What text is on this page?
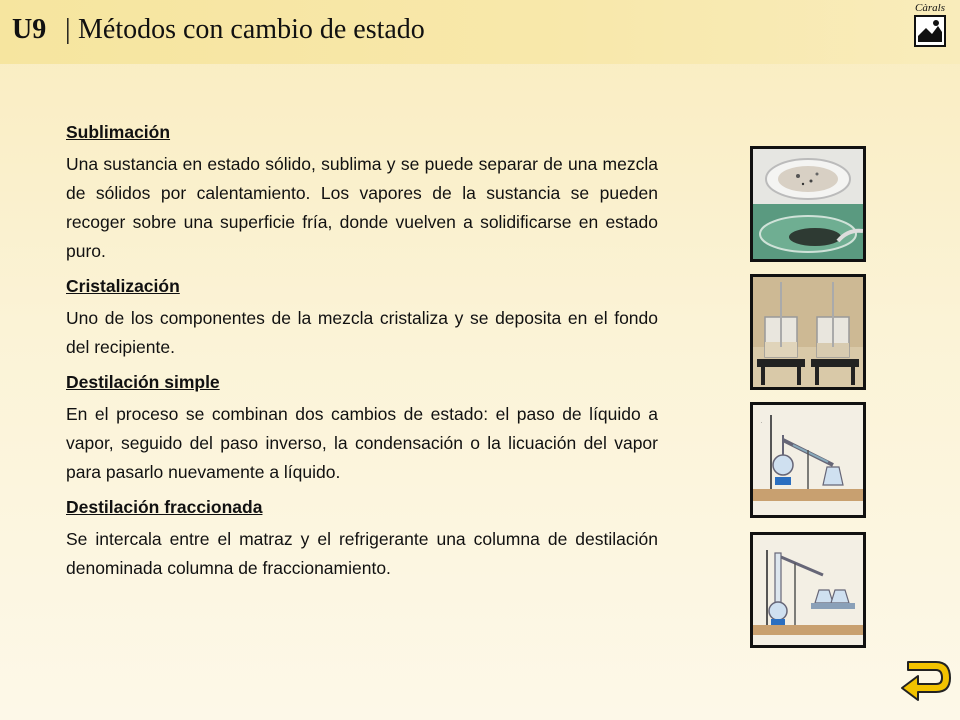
U9 | Métodos con cambio de estado
Càrals
Sublimación

Una sustancia en estado sólido, sublima y se puede separar de una mezcla de sólidos por calentamiento. Los vapores de la sustancia se pueden recoger sobre una superficie fría, donde vuelven a solidificarse en estado puro.

Cristalización

Uno de los componentes de la mezcla cristaliza y se deposita en el fondo del recipiente.

Destilación simple

En el proceso se combinan dos cambios de estado: el paso de líquido a vapor, seguido del paso inverso, la condensación o la licuación del vapor para pasarlo nuevamente a líquido.

Destilación fraccionada

Se intercala entre el matraz y el refrigerante una columna de destilación denominada columna de fraccionamiento.

.
